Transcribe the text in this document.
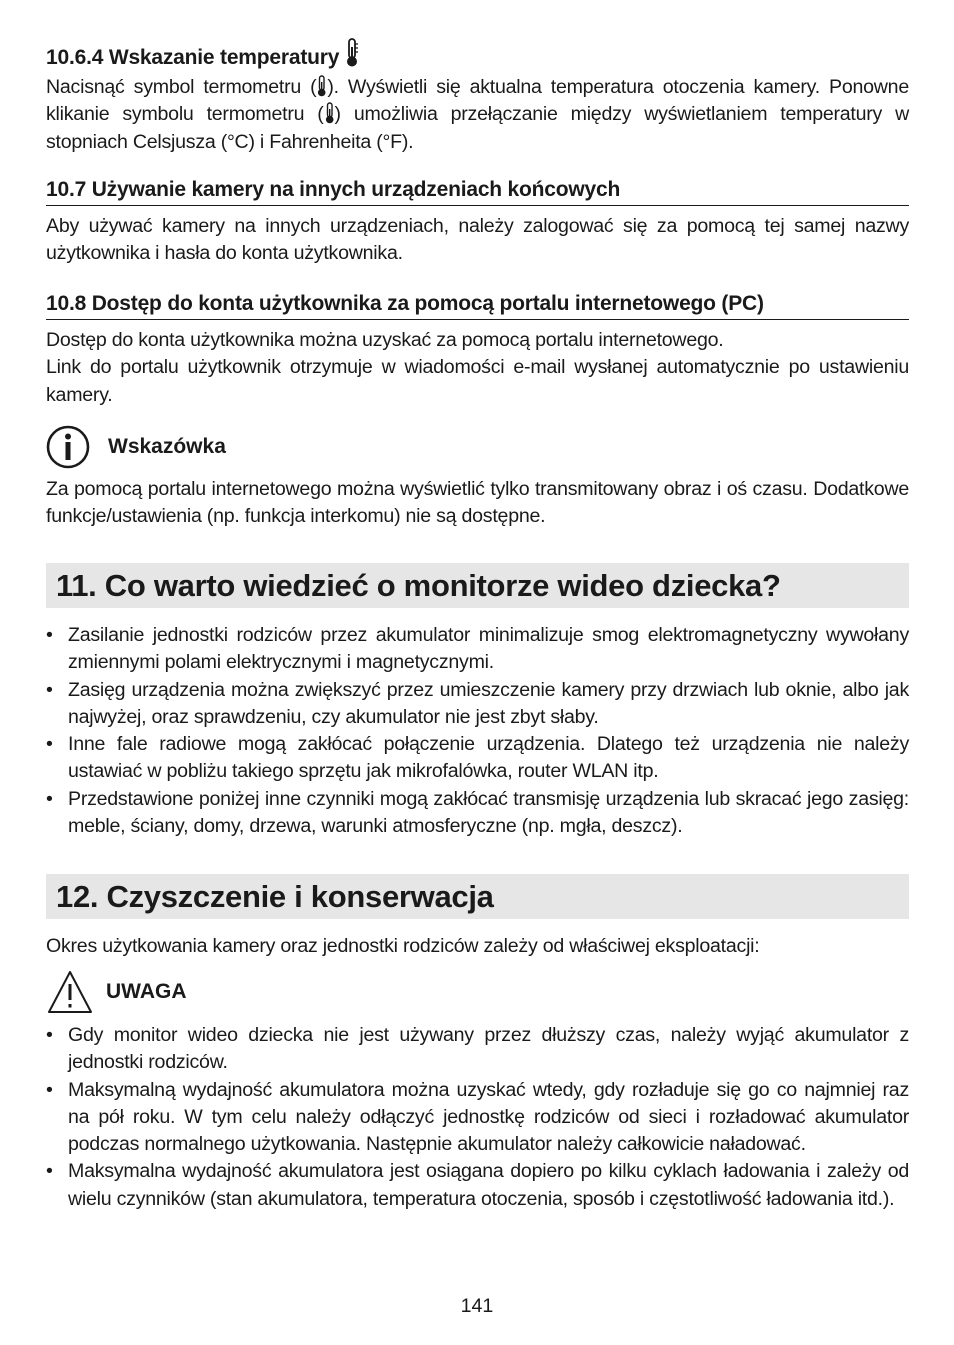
10.6.4 Wskazanie temperatury

Nacisnąć symbol termometru ( ). Wyświetli się aktualna temperatura otoczenia kamery. Ponowne klikanie symbolu termometru ( ) umożliwia przełączanie między wyświetlaniem temperatury w stopniach Celsjusza (°C) i Fahrenheita (°F).

10.7 Używanie kamery na innych urządzeniach końcowych

Aby używać kamery na innych urządzeniach, należy zalogować się za pomocą tej samej nazwy użytkownika i hasła do konta użytkownika.

10.8 Dostęp do konta użytkownika za pomocą portalu internetowego (PC)

Dostęp do konta użytkownika można uzyskać za pomocą portalu internetowego.

Link do portalu użytkownik otrzymuje w wiadomości e-mail wysłanej automatycznie po ustawieniu kamery.

Wskazówka

Za pomocą portalu internetowego można wyświetlić tylko transmitowany obraz i oś czasu. Dodatkowe funkcje/ustawienia (np. funkcja interkomu) nie są dostępne.

11. Co warto wiedzieć o monitorze wideo dziecka?
• Zasilanie jednostki rodziców przez akumulator minimalizuje smog elektromagnetyczny wywołany zmiennymi polami elektrycznymi i magnetycznymi.
• Zasięg urządzenia można zwiększyć przez umieszczenie kamery przy drzwiach lub oknie, albo jak najwyżej, oraz sprawdzeniu, czy akumulator nie jest zbyt słaby.
• Inne fale radiowe mogą zakłócać połączenie urządzenia. Dlatego też urządzenia nie należy ustawiać w pobliżu takiego sprzętu jak mikrofalówka, router WLAN itp.
• Przedstawione poniżej inne czynniki mogą zakłócać transmisję urządzenia lub skracać jego zasięg: meble, ściany, domy, drzewa, warunki atmosferyczne (np. mgła, deszcz).
12. Czyszczenie i konserwacja

Okres użytkowania kamery oraz jednostki rodziców zależy od właściwej eksploatacji:

UWAGA
• Gdy monitor wideo dziecka nie jest używany przez dłuższy czas, należy wyjąć akumulator z jednostki rodziców.
• Maksymalną wydajność akumulatora można uzyskać wtedy, gdy rozładuje się go co najmniej raz na pół roku. W tym celu należy odłączyć jednostkę rodziców od sieci i rozładować akumulator podczas normalnego użytkowania. Następnie akumulator należy całkowicie naładować.
• Maksymalna wydajność akumulatora jest osiągana dopiero po kilku cyklach ładowania i zależy od wielu czynników (stan akumulatora, temperatura otoczenia, sposób i częstotliwość ładowania itd.).
141
